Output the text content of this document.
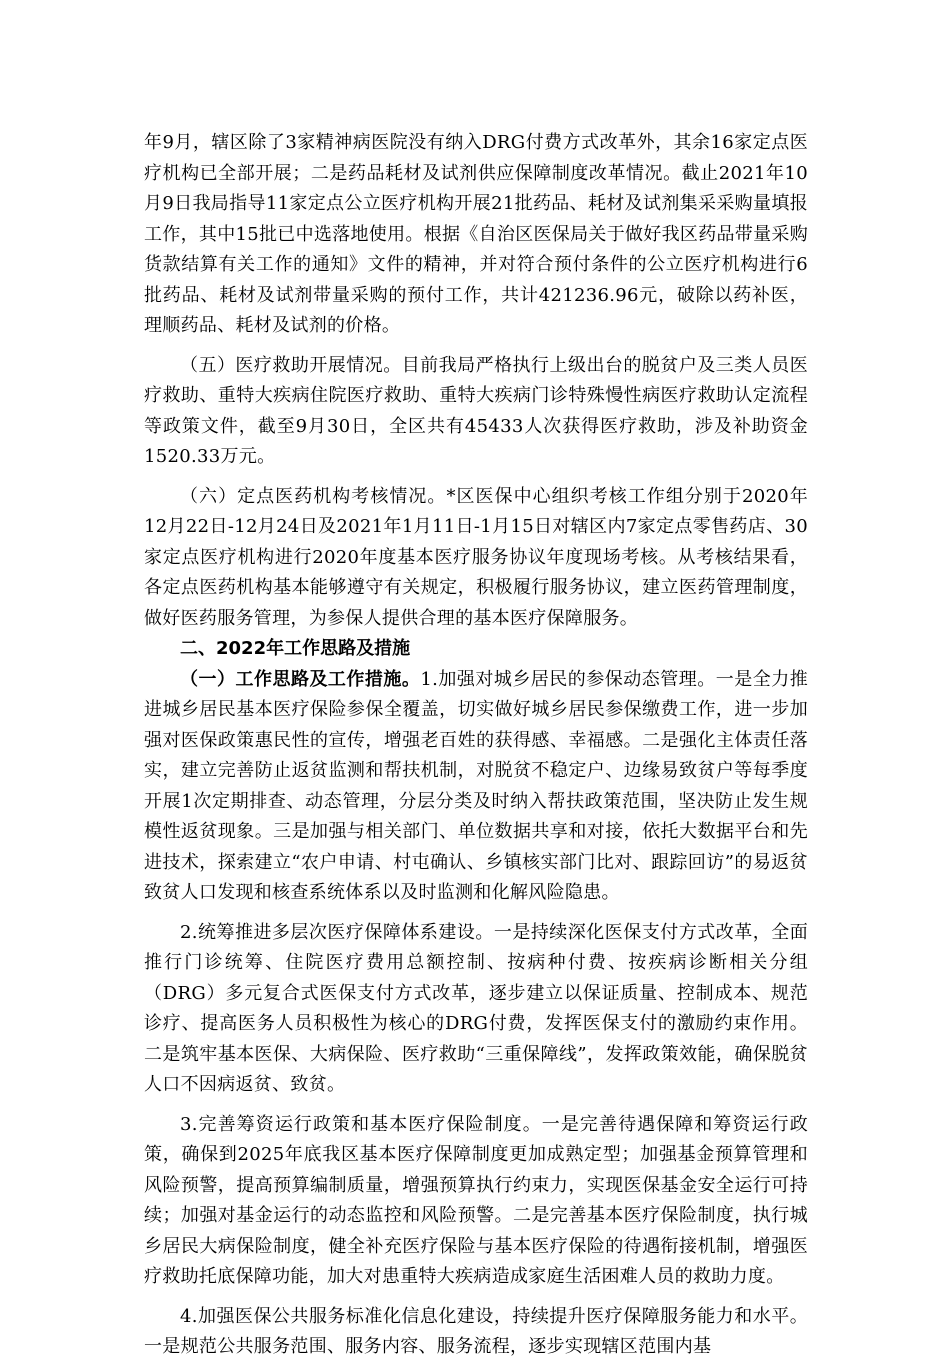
年9月，辖区除了3家精神病医院没有纳入DRG付费方式改革外，其余16家定点医疗机构已全部开展；二是药品耗材及试剂供应保障制度改革情况。截止2021年10月9日我局指导11家定点公立医疗机构开展21批药品、耗材及试剂集采采购量填报工作，其中15批已中选落地使用。根据《自治区医保局关于做好我区药品带量采购货款结算有关工作的通知》文件的精神，并对符合预付条件的公立医疗机构进行6批药品、耗材及试剂带量采购的预付工作，共计421236.96元，破除以药补医，理顺药品、耗材及试剂的价格。

（五）医疗救助开展情况。目前我局严格执行上级出台的脱贫户及三类人员医疗救助、重特大疾病住院医疗救助、重特大疾病门诊特殊慢性病医疗救助认定流程等政策文件，截至9月30日，全区共有45433人次获得医疗救助，涉及补助资金1520.33万元。

（六）定点医药机构考核情况。*区医保中心组织考核工作组分别于2020年12月22日-12月24日及2021年1月11日-1月15日对辖区内7家定点零售药店、30家定点医疗机构进行2020年度基本医疗服务协议年度现场考核。从考核结果看，各定点医药机构基本能够遵守有关规定，积极履行服务协议，建立医药管理制度，做好医药服务管理，为参保人提供合理的基本医疗保障服务。

二、2022年工作思路及措施

（一）工作思路及工作措施。1.加强对城乡居民的参保动态管理。一是全力推进城乡居民基本医疗保险参保全覆盖，切实做好城乡居民参保缴费工作，进一步加强对医保政策惠民性的宣传，增强老百姓的获得感、幸福感。二是强化主体责任落实，建立完善防止返贫监测和帮扶机制，对脱贫不稳定户、边缘易致贫户等每季度开展1次定期排查、动态管理，分层分类及时纳入帮扶政策范围，坚决防止发生规模性返贫现象。三是加强与相关部门、单位数据共享和对接，依托大数据平台和先进技术，探索建立“农户申请、村屯确认、乡镇核实部门比对、跟踪回访”的易返贫致贫人口发现和核查系统体系以及时监测和化解风险隐患。

2.统筹推进多层次医疗保障体系建设。一是持续深化医保支付方式改革，全面推行门诊统筹、住院医疗费用总额控制、按病种付费、按疾病诊断相关分组（DRG）多元复合式医保支付方式改革，逐步建立以保证质量、控制成本、规范诊疗、提高医务人员积极性为核心的DRG付费，发挥医保支付的激励约束作用。二是筑牢基本医保、大病保险、医疗救助“三重保障线”，发挥政策效能，确保脱贫人口不因病返贫、致贫。

3.完善筹资运行政策和基本医疗保险制度。一是完善待遇保障和筹资运行政策，确保到2025年底我区基本医疗保障制度更加成熟定型；加强基金预算管理和风险预警，提高预算编制质量，增强预算执行约束力，实现医保基金安全运行可持续；加强对基金运行的动态监控和风险预警。二是完善基本医疗保险制度，执行城乡居民大病保险制度，健全补充医疗保险与基本医疗保险的待遇衔接机制，增强医疗救助托底保障功能，加大对患重特大疾病造成家庭生活困难人员的救助力度。

4.加强医保公共服务标准化信息化建设，持续提升医疗保障服务能力和水平。一是规范公共服务范围、服务内容、服务流程，逐步实现辖区范围内基
